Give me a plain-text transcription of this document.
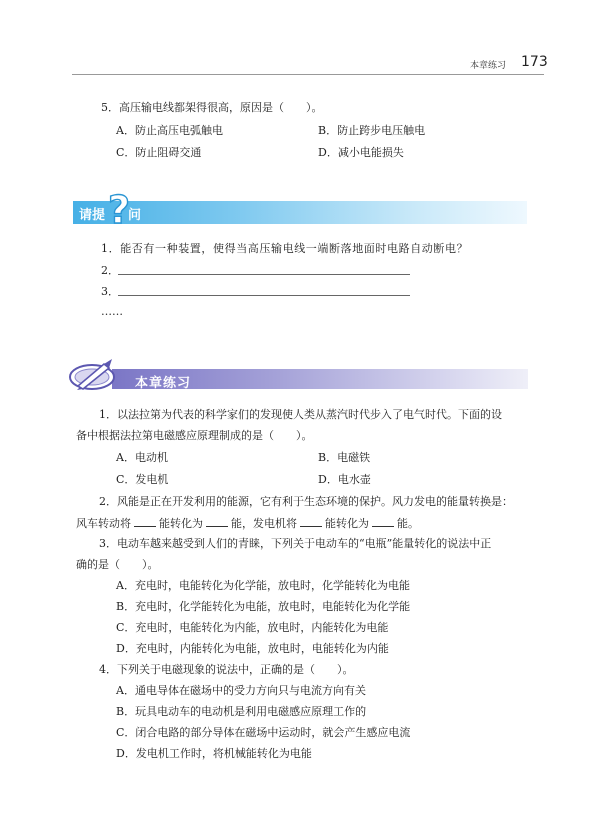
本章练习 173
5．高压输电线都架得很高，原因是（　　）。
A．防止高压电弧触电	B．防止跨步电压触电
C．防止阻碍交通	D．减小电能损失
请提 ?
问
1．能否有一种装置，使得当高压输电线一端断落地面时电路自动断电？
2．
3．
……
本章练习
1．以法拉第为代表的科学家们的发现使人类从蒸汽时代步入了电气时代。下面的设
备中根据法拉第电磁感应原理制成的是（　　）。
A．电动机	B．电磁铁
C．发电机	D．电水壶
2．风能是正在开发利用的能源，它有利于生态环境的保护。风力发电的能量转换是：
风车转动将	能转化为	能，发电机将	能转化为	能。
3．电动车越来越受到人们的青睐，下列关于电动车的“电瓶”能量转化的说法中正
确的是（　　）。
A．充电时，电能转化为化学能，放电时，化学能转化为电能
B．充电时，化学能转化为电能，放电时，电能转化为化学能
C．充电时，电能转化为内能，放电时，内能转化为电能
D．充电时，内能转化为电能，放电时，电能转化为内能
4．下列关于电磁现象的说法中，正确的是（　　）。
A．通电导体在磁场中的受力方向只与电流方向有关
B．玩具电动车的电动机是利用电磁感应原理工作的
C．闭合电路的部分导体在磁场中运动时，就会产生感应电流
D．发电机工作时，将机械能转化为电能
